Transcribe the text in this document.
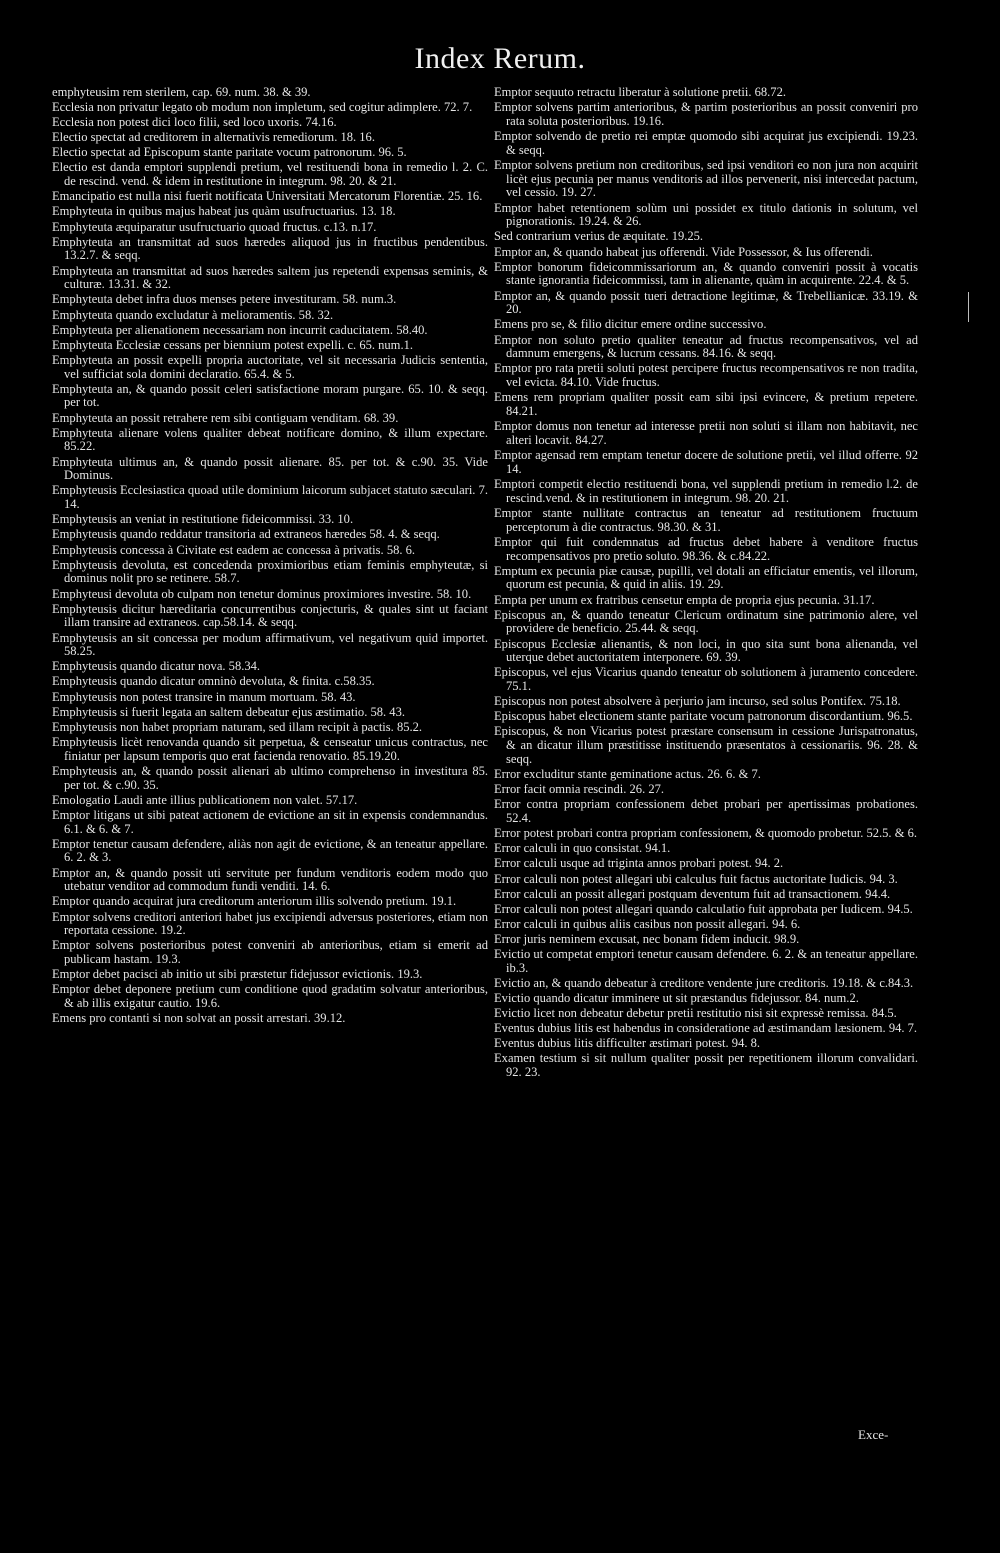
Index Rerum.

emphyteusim rem sterilem, cap. 69. num. 38. & 39.

Ecclesia non privatur legato ob modum non impletum, sed cogitur adimplere. 72. 7.

Ecclesia non potest dici loco filii, sed loco uxoris. 74.16.

Electio spectat ad creditorem in alternativis remediorum. 18. 16.

Electio spectat ad Episcopum stante paritate vocum patronorum. 96. 5.

Electio est danda emptori supplendi pretium, vel restituendi bona in remedio l. 2. C. de rescind. vend. & idem in restitutione in integrum. 98. 20. & 21.

Emancipatio est nulla nisi fuerit notificata Universitati Mercatorum Florentiæ. 25. 16.

Emphyteuta in quibus majus habeat jus quàm usufructuarius. 13. 18.

Emphyteuta æquiparatur usufructuario quoad fructus. c.13. n.17.

Emphyteuta an transmittat ad suos hæredes aliquod jus in fructibus pendentibus. 13.2.7. & seqq.

Emphyteuta an transmittat ad suos hæredes saltem jus repetendi expensas seminis, & culturæ. 13.31. & 32.

Emphyteuta debet infra duos menses petere investituram. 58. num.3.

Emphyteuta quando excludatur à melioramentis. 58. 32.

Emphyteuta per alienationem necessariam non incurrit caducitatem. 58.40.

Emphyteuta Ecclesiæ cessans per biennium potest expelli. c. 65. num.1.

Emphyteuta an possit expelli propria auctoritate, vel sit necessaria Judicis sententia, vel sufficiat sola domini declaratio. 65.4. & 5.

Emphyteuta an, & quando possit celeri satisfactione moram purgare. 65. 10. & seqq. per tot.

Emphyteuta an possit retrahere rem sibi contiguam venditam. 68. 39.

Emphyteuta alienare volens qualiter debeat notificare domino, & illum expectare. 85.22.

Emphyteuta ultimus an, & quando possit alienare. 85. per tot. & c.90. 35. Vide Dominus.

Emphyteusis Ecclesiastica quoad utile dominium laicorum subjacet statuto sæculari. 7. 14.

Emphyteusis an veniat in restitutione fideicommissi. 33. 10.

Emphyteusis quando reddatur transitoria ad extraneos hæredes 58. 4. & seqq.

Emphyteusis concessa à Civitate est eadem ac concessa à privatis. 58. 6.

Emphyteusis devoluta, est concedenda proximioribus etiam feminis emphyteutæ, si dominus nolit pro se retinere. 58.7.

Emphyteusi devoluta ob culpam non tenetur dominus proximiores investire. 58. 10.

Emphyteusis dicitur hæreditaria concurrentibus conjecturis, & quales sint ut faciant illam transire ad extraneos. cap.58.14. & seqq.

Emphyteusis an sit concessa per modum affirmativum, vel negativum quid importet. 58.25.

Emphyteusis quando dicatur nova. 58.34.

Emphyteusis quando dicatur omninò devoluta, & finita. c.58.35.

Emphyteusis non potest transire in manum mortuam. 58. 43.

Emphyteusis si fuerit legata an saltem debeatur ejus æstimatio. 58. 43.

Emphyteusis non habet propriam naturam, sed illam recipit à pactis. 85.2.

Emphyteusis licèt renovanda quando sit perpetua, & censeatur unicus contractus, nec finiatur per lapsum temporis quo erat facienda renovatio. 85.19.20.

Emphyteusis an, & quando possit alienari ab ultimo comprehenso in investitura 85. per tot. & c.90. 35.

Emologatio Laudi ante illius publicationem non valet. 57.17.

Emptor litigans ut sibi pateat actionem de evictione an sit in expensis condemnandus. 6.1. & 6. & 7.

Emptor tenetur causam defendere, aliàs non agit de evictione, & an teneatur appellare. 6. 2. & 3.

Emptor an, & quando possit uti servitute per fundum venditoris eodem modo quo utebatur venditor ad commodum fundi venditi. 14. 6.

Emptor quando acquirat jura creditorum anteriorum illis solvendo pretium. 19.1.

Emptor solvens creditori anteriori habet jus excipiendi adversus posteriores, etiam non reportata cessione. 19.2.

Emptor solvens posterioribus potest conveniri ab anterioribus, etiam si emerit ad publicam hastam. 19.3.

Emptor debet pacisci ab initio ut sibi præstetur fidejussor evictionis. 19.3.

Emptor debet deponere pretium cum conditione quod gradatim solvatur anterioribus, & ab illis exigatur cautio. 19.6.

Emens pro contanti si non solvat an possit arrestari. 39.12.

Emptor sequuto retractu liberatur à solutione pretii. 68.72.

Emptor solvens partim anterioribus, & partim posterioribus an possit conveniri pro rata soluta posterioribus. 19.16.

Emptor solvendo de pretio rei emptæ quomodo sibi acquirat jus excipiendi. 19.23. & seqq.

Emptor solvens pretium non creditoribus, sed ipsi venditori eo non jura non acquirit licèt ejus pecunia per manus venditoris ad illos pervenerit, nisi intercedat pactum, vel cessio. 19. 27.

Emptor habet retentionem solùm uni possidet ex titulo dationis in solutum, vel pignorationis. 19.24. & 26.

Sed contrarium verius de æquitate. 19.25.

Emptor an, & quando habeat jus offerendi. Vide Possessor, & Ius offerendi.

Emptor bonorum fideicommissariorum an, & quando conveniri possit à vocatis stante ignorantia fideicommissi, tam in alienante, quàm in acquirente. 22.4. & 5.

Emptor an, & quando possit tueri detractione legitimæ, & Trebellianicæ. 33.19. & 20.

Emens pro se, & filio dicitur emere ordine successivo.

Emptor non soluto pretio qualiter teneatur ad fructus recompensativos, vel ad damnum emergens, & lucrum cessans. 84.16. & seqq.

Emptor pro rata pretii soluti potest percipere fructus recompensativos re non tradita, vel evicta. 84.10. Vide fructus.

Emens rem propriam qualiter possit eam sibi ipsi evincere, & pretium repetere. 84.21.

Emptor domus non tenetur ad interesse pretii non soluti si illam non habitavit, nec alteri locavit. 84.27.

Emptor agensad rem emptam tenetur docere de solutione pretii, vel illud offerre. 92 14.

Emptori competit electio restituendi bona, vel supplendi pretium in remedio l.2. de rescind.vend. & in restitutionem in integrum. 98. 20. 21.

Emptor stante nullitate contractus an teneatur ad restitutionem fructuum perceptorum à die contractus. 98.30. & 31.

Emptor qui fuit condemnatus ad fructus debet habere à venditore fructus recompensativos pro pretio soluto. 98.36. & c.84.22.

Emptum ex pecunia piæ causæ, pupilli, vel dotali an efficiatur ementis, vel illorum, quorum est pecunia, & quid in aliis. 19. 29.

Empta per unum ex fratribus censetur empta de propria ejus pecunia. 31.17.

Episcopus an, & quando teneatur Clericum ordinatum sine patrimonio alere, vel providere de beneficio. 25.44. & seqq.

Episcopus Ecclesiæ alienantis, & non loci, in quo sita sunt bona alienanda, vel uterque debet auctoritatem interponere. 69. 39.

Episcopus, vel ejus Vicarius quando teneatur ob solutionem à juramento concedere. 75.1.

Episcopus non potest absolvere à perjurio jam incurso, sed solus Pontifex. 75.18.

Episcopus habet electionem stante paritate vocum patronorum discordantium. 96.5.

Episcopus, & non Vicarius potest præstare consensum in cessione Jurispatronatus, & an dicatur illum præstitisse instituendo præsentatos à cessionariis. 96. 28. & seqq.

Error excluditur stante geminatione actus. 26. 6. & 7.

Error facit omnia rescindi. 26. 27.

Error contra propriam confessionem debet probari per apertissimas probationes. 52.4.

Error potest probari contra propriam confessionem, & quomodo probetur. 52.5. & 6.

Error calculi in quo consistat. 94.1.

Error calculi usque ad triginta annos probari potest. 94. 2.

Error calculi non potest allegari ubi calculus fuit factus auctoritate Iudicis. 94. 3.

Error calculi an possit allegari postquam deventum fuit ad transactionem. 94.4.

Error calculi non potest allegari quando calculatio fuit approbata per Iudicem. 94.5.

Error calculi in quibus aliis casibus non possit allegari. 94. 6.

Error juris neminem excusat, nec bonam fidem inducit. 98.9.

Evictio ut competat emptori tenetur causam defendere. 6. 2. & an teneatur appellare. ib.3.

Evictio an, & quando debeatur à creditore vendente jure creditoris. 19.18. & c.84.3.

Evictio quando dicatur imminere ut sit præstandus fidejussor. 84. num.2.

Evictio licet non debeatur debetur pretii restitutio nisi sit expressè remissa. 84.5.

Eventus dubius litis est habendus in consideratione ad æstimandam læsionem. 94. 7.

Eventus dubius litis difficulter æstimari potest. 94. 8.

Examen testium si sit nullum qualiter possit per repetitionem illorum convalidari. 92. 23.

Exce-
